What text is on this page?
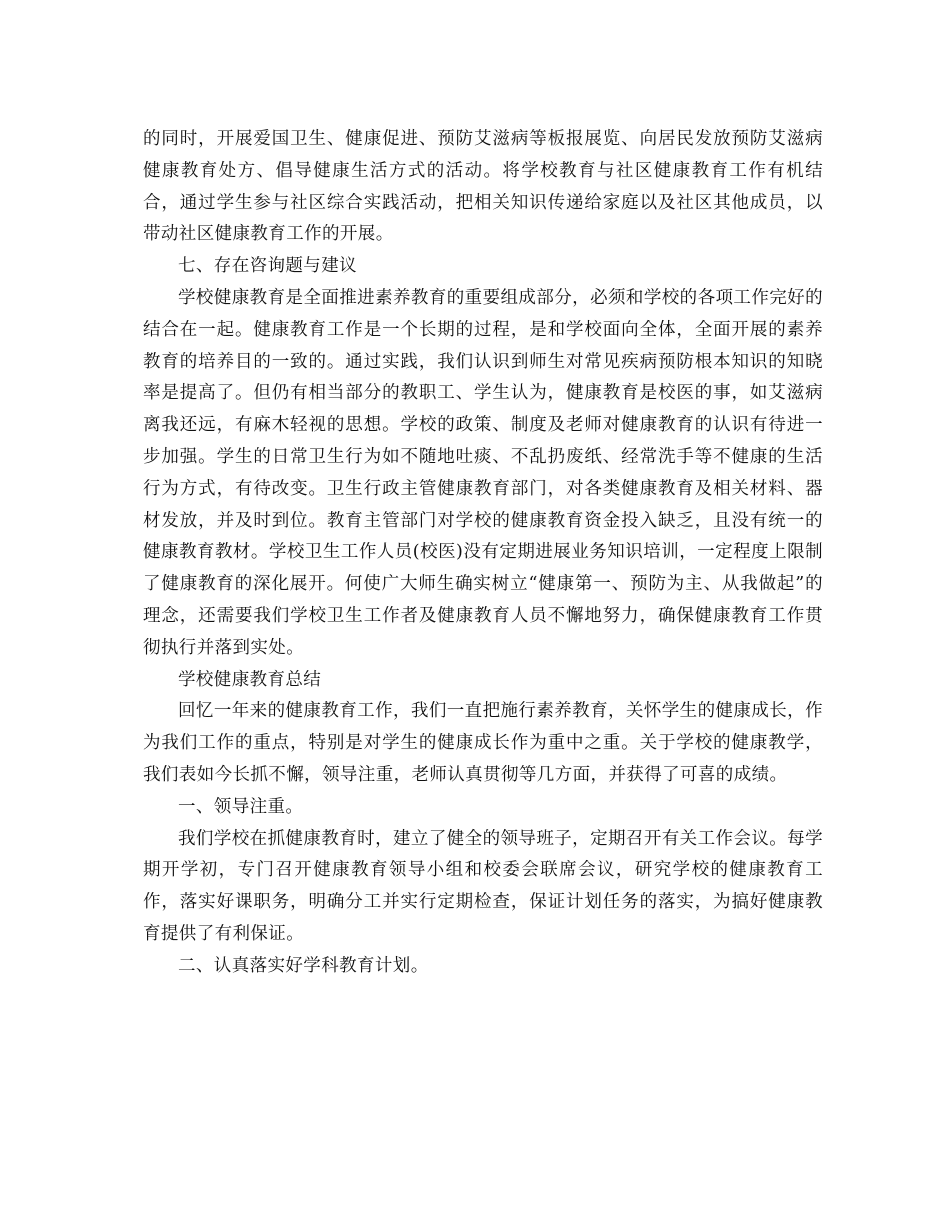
的同时，开展爱国卫生、健康促进、预防艾滋病等板报展览、向居民发放预防艾滋病健康教育处方、倡导健康生活方式的活动。将学校教育与社区健康教育工作有机结合，通过学生参与社区综合实践活动，把相关知识传递给家庭以及社区其他成员，以带动社区健康教育工作的开展。

七、存在咨询题与建议

学校健康教育是全面推进素养教育的重要组成部分，必须和学校的各项工作完好的结合在一起。健康教育工作是一个长期的过程，是和学校面向全体，全面开展的素养教育的培养目的一致的。通过实践，我们认识到师生对常见疾病预防根本知识的知晓率是提高了。但仍有相当部分的教职工、学生认为，健康教育是校医的事，如艾滋病离我还远，有麻木轻视的思想。学校的政策、制度及老师对健康教育的认识有待进一步加强。学生的日常卫生行为如不随地吐痰、不乱扔废纸、经常洗手等不健康的生活行为方式，有待改变。卫生行政主管健康教育部门，对各类健康教育及相关材料、器材发放，并及时到位。教育主管部门对学校的健康教育资金投入缺乏，且没有统一的健康教育教材。学校卫生工作人员(校医)没有定期进展业务知识培训，一定程度上限制了健康教育的深化展开。何使广大师生确实树立“健康第一、预防为主、从我做起”的理念，还需要我们学校卫生工作者及健康教育人员不懈地努力，确保健康教育工作贯彻执行并落到实处。

学校健康教育总结

回忆一年来的健康教育工作，我们一直把施行素养教育，关怀学生的健康成长，作为我们工作的重点，特别是对学生的健康成长作为重中之重。关于学校的健康教学，我们表如今长抓不懈，领导注重，老师认真贯彻等几方面，并获得了可喜的成绩。

一、领导注重。

我们学校在抓健康教育时，建立了健全的领导班子，定期召开有关工作会议。每学期开学初，专门召开健康教育领导小组和校委会联席会议，研究学校的健康教育工作，落实好课职务，明确分工并实行定期检查，保证计划任务的落实，为搞好健康教育提供了有利保证。

二、认真落实好学科教育计划。
